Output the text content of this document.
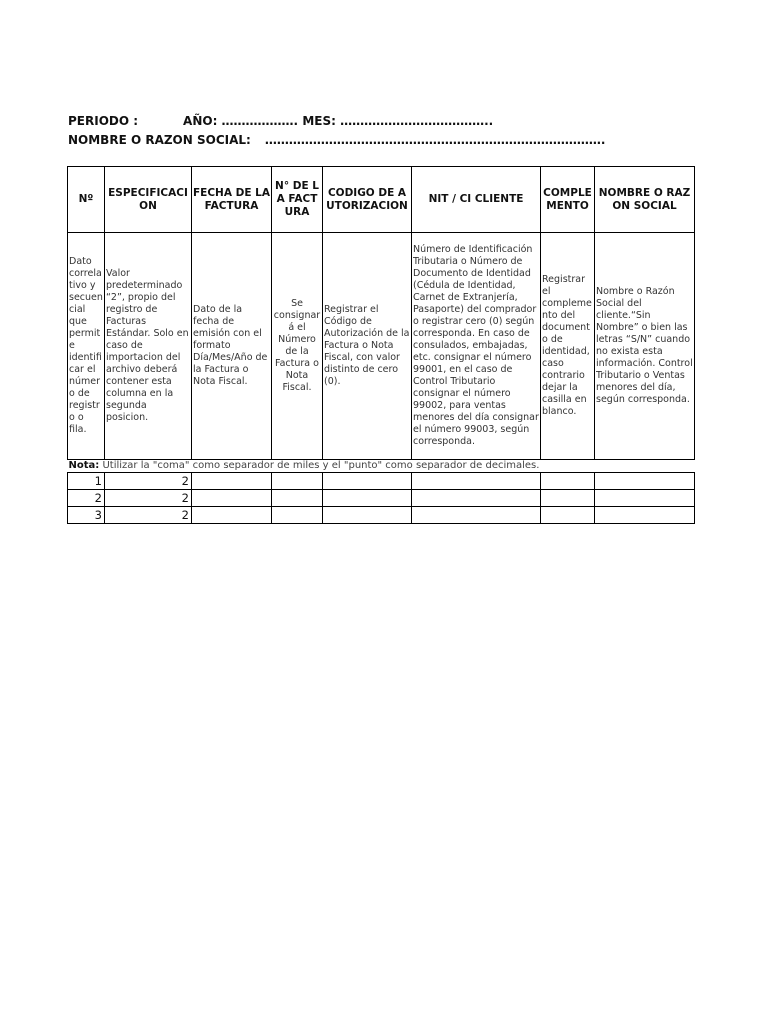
PERIODO :	AÑO: ………………. MES: ………………………………..
NOMBRE O RAZON SOCIAL: ………………………………………………………………………….
Nº	ESPECIFICACION	FECHA DE LA FACTURA	N° DE LA FACTURA	CODIGO DE AUTORIZACION	NIT / CI CLIENTE	COMPLEMENTO	NOMBRE O RAZON SOCIAL

Dato correlativo y secuencial que permite identificar el número de registro o fila.	Valor predeterminado “2”, propio del registro de Facturas Estándar. Solo en caso de importacion del archivo deberá contener esta columna en la segunda posicion.	Dato de la fecha de emisión con el formato Día/Mes/Año de la Factura o Nota Fiscal.	Se consignará el Número de la Factura o Nota Fiscal.	Registrar el Código de Autorización de la Factura o Nota Fiscal, con valor distinto de cero (0).	Número de Identificación Tributaria o Número de Documento de Identidad (Cédula de Identidad, Carnet de Extranjería, Pasaporte) del comprador o registrar cero (0) según corresponda. En caso de consulados, embajadas, etc. consignar el número 99001, en el caso de Control Tributario consignar el número 99002, para ventas menores del día consignar el número 99003, según corresponda.	Registrar el complemento del documento de identidad, caso contrario dejar la casilla en blanco.	Nombre o Razón Social del cliente.“Sin Nombre” o bien las letras “S/N” cuando no exista esta información. Control Tributario o Ventas menores del día, según corresponda.

Nota: Utilizar la "coma" como separador de miles y el "punto" como separador de decimales.							
1	2						
2	2						
3	2						
